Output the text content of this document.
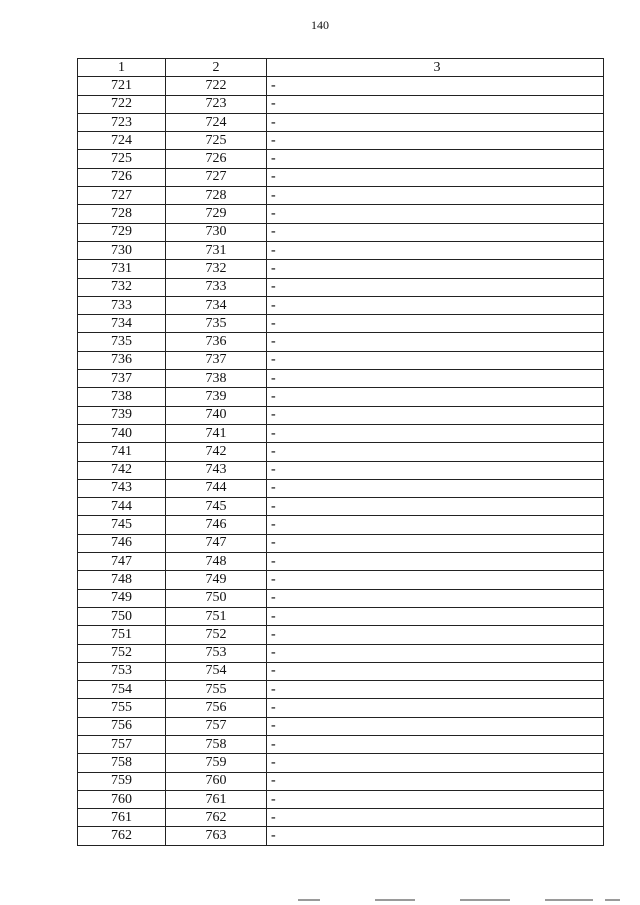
140
1	2	3
721	722	-
722	723	-
723	724	-
724	725	-
725	726	-
726	727	-
727	728	-
728	729	-
729	730	-
730	731	-
731	732	-
732	733	-
733	734	-
734	735	-
735	736	-
736	737	-
737	738	-
738	739	-
739	740	-
740	741	-
741	742	-
742	743	-
743	744	-
744	745	-
745	746	-
746	747	-
747	748	-
748	749	-
749	750	-
750	751	-
751	752	-
752	753	-
753	754	-
754	755	-
755	756	-
756	757	-
757	758	-
758	759	-
759	760	-
760	761	-
761	762	-
762	763	-
